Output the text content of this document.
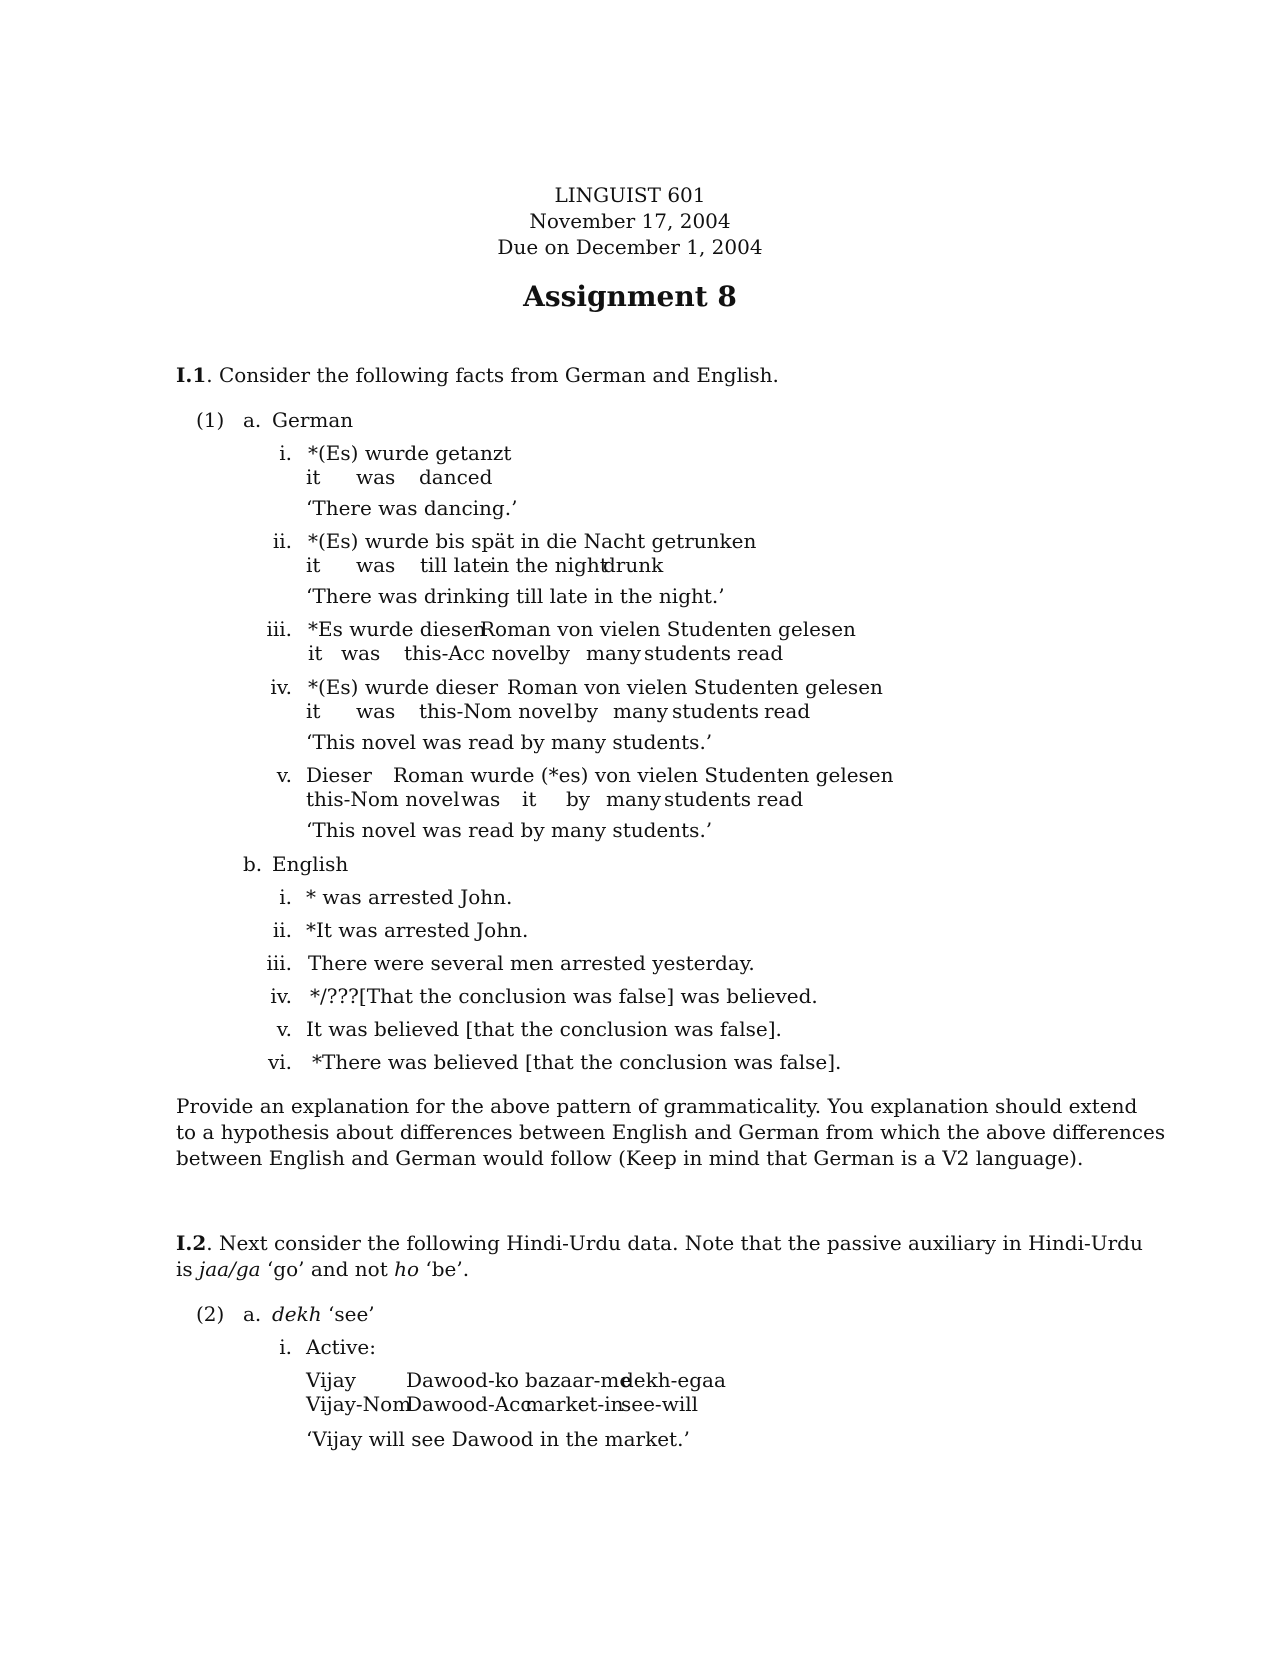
LINGUIST 601
November 17, 2004
Due on December 1, 2004
Assignment 8
I.1. Consider the following facts from German and English.
(1) a. German
i. *(Es) wurde getanzt
it was danced
‘There was dancing.’
ii. *(Es) wurde bis spät in die Nacht getrunken
it was till late
in the night
drunk
‘There was drinking till late in the night.’
iii. *Es wurde diesen
Roman von vielen Studenten gelesen
it was this-Acc novel by many students read
iv. *(Es) wurde dieser Roman von vielen Studenten gelesen
it was this-Nom novel by many students read
‘This novel was read by many students.’
v. Dieser Roman wurde (*es) von vielen Studenten gelesen
this-Nom novel was it by many students read
‘This novel was read by many students.’
b. English
i. * was arrested John.
ii. *It was arrested John.
iii. There were several men arrested yesterday.
iv. */???[That the conclusion was false] was believed.
v. It was believed [that the conclusion was false].
vi. *There was believed [that the conclusion was false].
Provide an explanation for the above pattern of grammaticality. You explanation should extend
to a hypothesis about differences between English and German from which the above differences
between English and German would follow (Keep in mind that German is a V2 language).
I.2. Next consider the following Hindi-Urdu data. Note that the passive auxiliary in Hindi-Urdu
is jaa/ga ‘go’ and not ho ‘be’.
(2) a. dekh ‘see’
i. Active:
Vijay	Dawood-ko bazaar-me
dekh-egaa
Vijay-Nom
Dawood-Acc
market-in
see-will
‘Vijay will see Dawood in the market.’
